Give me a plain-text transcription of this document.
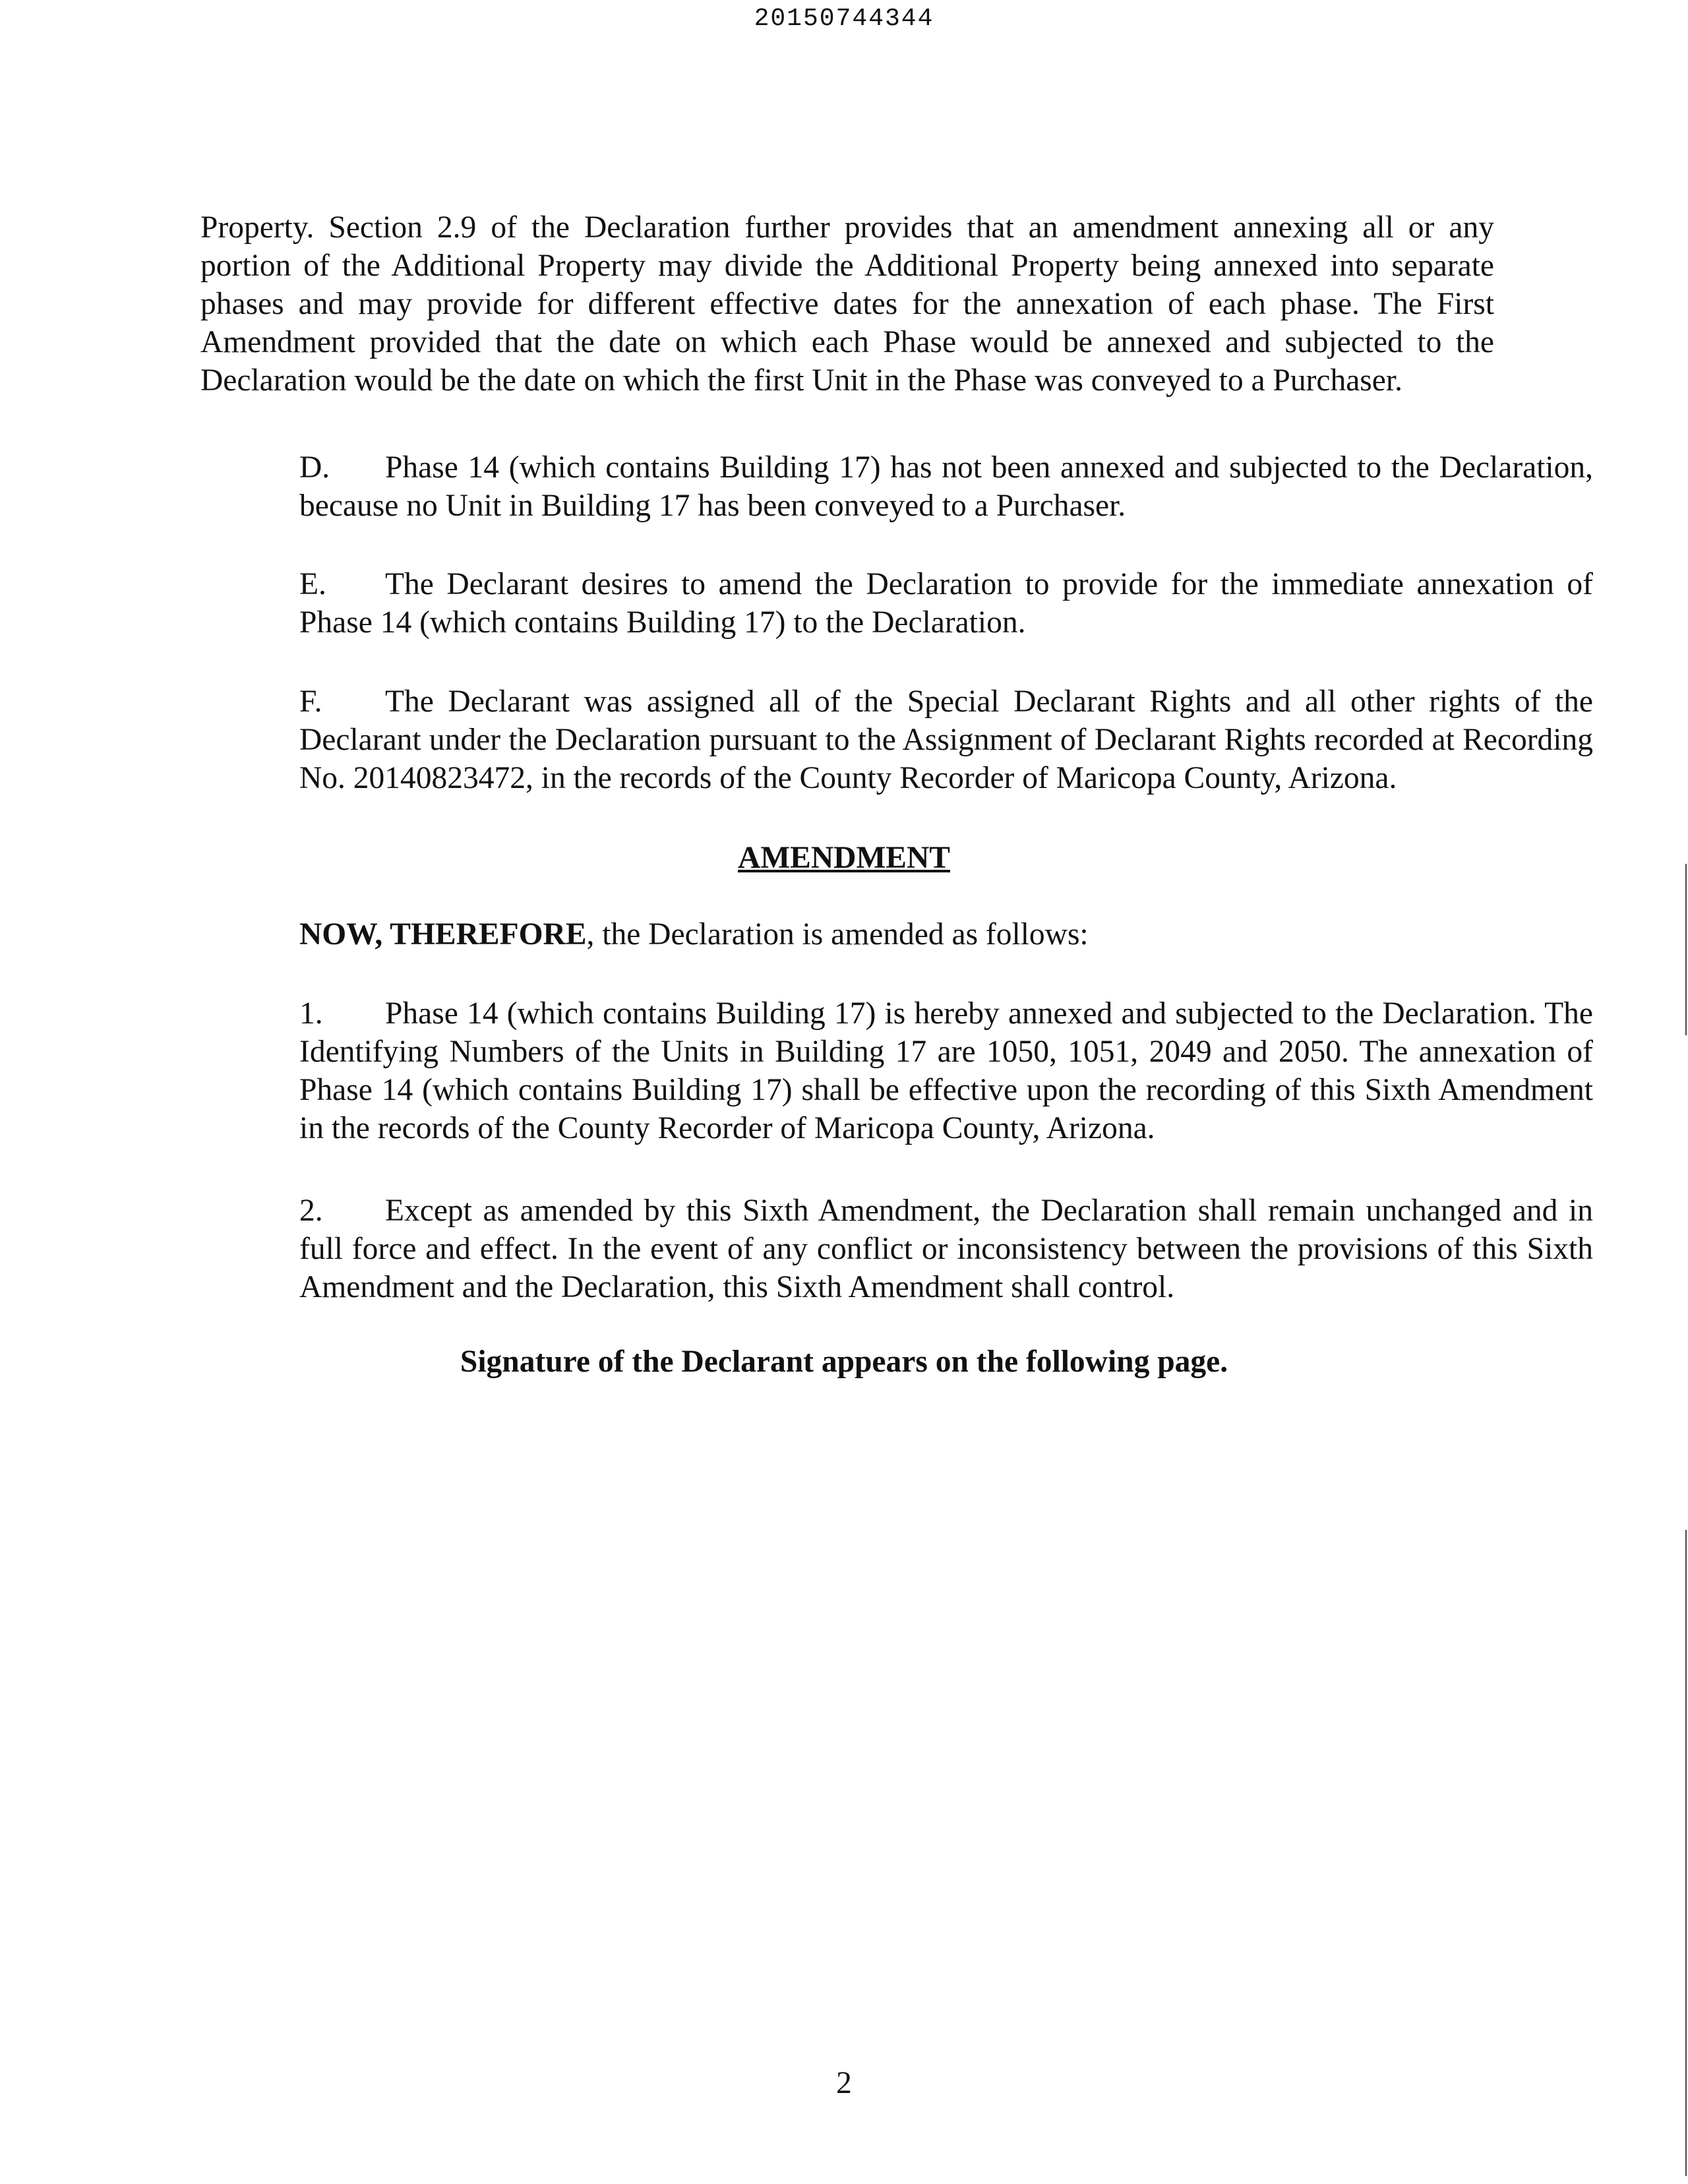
20150744344

Property. Section 2.9 of the Declaration further provides that an amendment annexing all or any portion of the Additional Property may divide the Additional Property being annexed into separate phases and may provide for different effective dates for the annexation of each phase. The First Amendment provided that the date on which each Phase would be annexed and subjected to the Declaration would be the date on which the first Unit in the Phase was conveyed to a Purchaser.

D. Phase 14 (which contains Building 17) has not been annexed and subjected to the Declaration, because no Unit in Building 17 has been conveyed to a Purchaser.

E. The Declarant desires to amend the Declaration to provide for the immediate annexation of Phase 14 (which contains Building 17) to the Declaration.

F. The Declarant was assigned all of the Special Declarant Rights and all other rights of the Declarant under the Declaration pursuant to the Assignment of Declarant Rights recorded at Recording No. 20140823472, in the records of the County Recorder of Maricopa County, Arizona.

AMENDMENT

NOW, THEREFORE, the Declaration is amended as follows:

1. Phase 14 (which contains Building 17) is hereby annexed and subjected to the Declaration. The Identifying Numbers of the Units in Building 17 are 1050, 1051, 2049 and 2050. The annexation of Phase 14 (which contains Building 17) shall be effective upon the recording of this Sixth Amendment in the records of the County Recorder of Maricopa County, Arizona.

2. Except as amended by this Sixth Amendment, the Declaration shall remain unchanged and in full force and effect. In the event of any conflict or inconsistency between the provisions of this Sixth Amendment and the Declaration, this Sixth Amendment shall control.

Signature of the Declarant appears on the following page.
2
